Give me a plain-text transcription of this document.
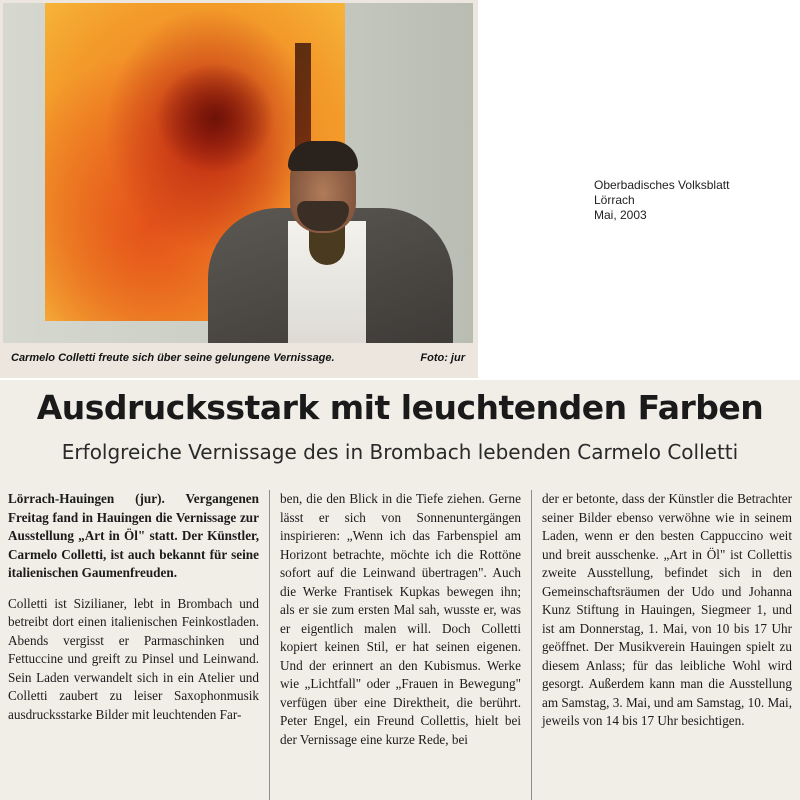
Carmelo Colletti freute sich über seine gelungene Vernissage.	Foto: jur
Oberbadisches Volksblatt
Lörrach
Mai, 2003
Ausdrucksstark mit leuchtenden Farben
Erfolgreiche Vernissage des in Brombach lebenden Carmelo Colletti

Lörrach-Hauingen (jur). Vergangenen Freitag fand in Hauingen die Vernissage zur Ausstellung „Art in Öl" statt. Der Künstler, Carmelo Colletti, ist auch bekannt für seine italienischen Gaumenfreuden.

Colletti ist Sizilianer, lebt in Brombach und betreibt dort einen italienischen Feinkostladen. Abends vergisst er Parmaschinken und Fettuccine und greift zu Pinsel und Leinwand. Sein Laden verwandelt sich in ein Atelier und Colletti zaubert zu leiser Saxophonmusik ausdrucksstarke Bilder mit leuchtenden Far-

ben, die den Blick in die Tiefe ziehen. Gerne lässt er sich von Sonnenuntergängen inspirieren: „Wenn ich das Farbenspiel am Horizont betrachte, möchte ich die Rottöne sofort auf die Leinwand übertragen". Auch die Werke Frantisek Kupkas bewegen ihn; als er sie zum ersten Mal sah, wusste er, was er eigentlich malen will. Doch Colletti kopiert keinen Stil, er hat seinen eigenen. Und der erinnert an den Kubismus. Werke wie „Lichtfall" oder „Frauen in Bewegung" verfügen über eine Direktheit, die berührt. Peter Engel, ein Freund Collettis, hielt bei der Vernissage eine kurze Rede, bei

der er betonte, dass der Künstler die Betrachter seiner Bilder ebenso verwöhne wie in seinem Laden, wenn er den besten Cappuccino weit und breit ausschenke. „Art in Öl" ist Collettis zweite Ausstellung, befindet sich in den Gemeinschaftsräumen der Udo und Johanna Kunz Stiftung in Hauingen, Siegmeer 1, und ist am Donnerstag, 1. Mai, von 10 bis 17 Uhr geöffnet. Der Musikverein Hauingen spielt zu diesem Anlass; für das leibliche Wohl wird gesorgt. Außerdem kann man die Ausstellung am Samstag, 3. Mai, und am Samstag, 10. Mai, jeweils von 14 bis 17 Uhr besichtigen.
